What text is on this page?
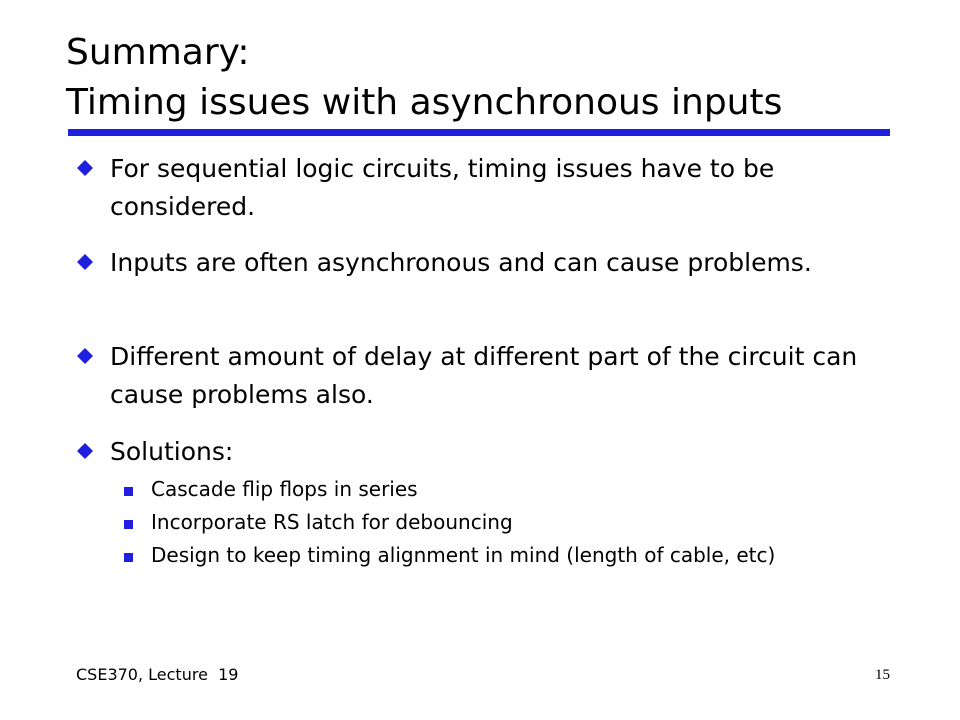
Summary:
Timing issues with asynchronous inputs
For sequential logic circuits, timing issues have to be considered.
Inputs are often asynchronous and can cause problems.
Different amount of delay at different part of the circuit can cause problems also.
Solutions:
Cascade flip flops in series
Incorporate RS latch for debouncing
Design to keep timing alignment in mind (length of cable, etc)
CSE370, Lecture  19	15
